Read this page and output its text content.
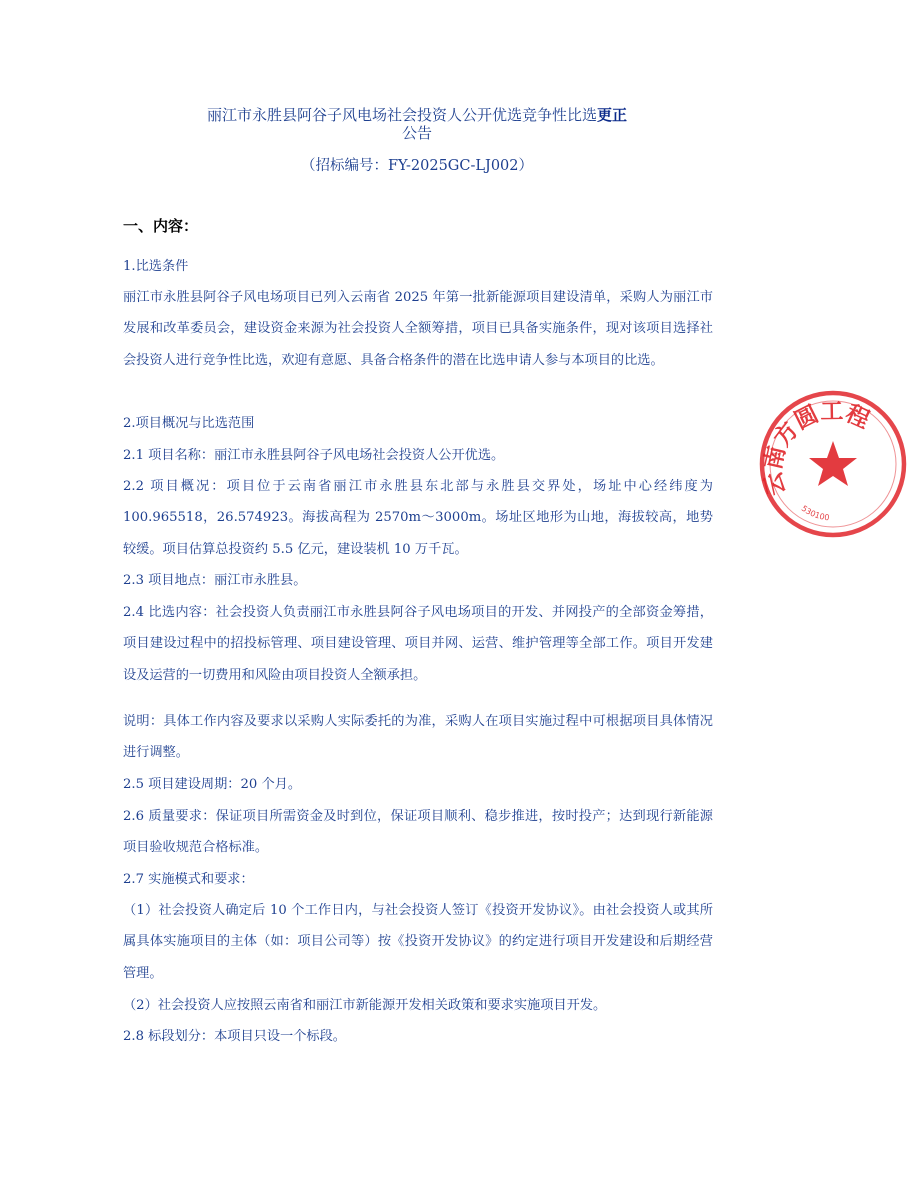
丽江市永胜县阿谷子风电场社会投资人公开优选竞争性比选更正
公告
（招标编号：FY-2025GC-LJ002）
一、内容：
1.比选条件
丽江市永胜县阿谷子风电场项目已列入云南省 2025 年第一批新能源项目建设清单，采购人为丽江市发展和改革委员会，建设资金来源为社会投资人全额筹措，项目已具备实施条件，现对该项目选择社会投资人进行竞争性比选，欢迎有意愿、具备合格条件的潜在比选申请人参与本项目的比选。
2.项目概况与比选范围
2.1 项目名称：丽江市永胜县阿谷子风电场社会投资人公开优选。
2.2 项目概况：项目位于云南省丽江市永胜县东北部与永胜县交界处，场址中心经纬度为100.965518，26.574923。海拔高程为 2570m～3000m。场址区地形为山地，海拔较高，地势较缓。项目估算总投资约 5.5 亿元，建设装机 10 万千瓦。
2.3 项目地点：丽江市永胜县。
2.4 比选内容：社会投资人负责丽江市永胜县阿谷子风电场项目的开发、并网投产的全部资金筹措，项目建设过程中的招投标管理、项目建设管理、项目并网、运营、维护管理等全部工作。项目开发建设及运营的一切费用和风险由项目投资人全额承担。
说明：具体工作内容及要求以采购人实际委托的为准，采购人在项目实施过程中可根据项目具体情况进行调整。
2.5 项目建设周期：20 个月。
2.6 质量要求：保证项目所需资金及时到位，保证项目顺利、稳步推进，按时投产；达到现行新能源项目验收规范合格标准。
2.7 实施模式和要求：
（1）社会投资人确定后 10 个工作日内，与社会投资人签订《投资开发协议》。由社会投资人或其所属具体实施项目的主体（如：项目公司等）按《投资开发协议》的约定进行项目开发建设和后期经营管理。
（2）社会投资人应按照云南省和丽江市新能源开发相关政策和要求实施项目开发。
2.8 标段划分：本项目只设一个标段。
云南方圆工程
530100
